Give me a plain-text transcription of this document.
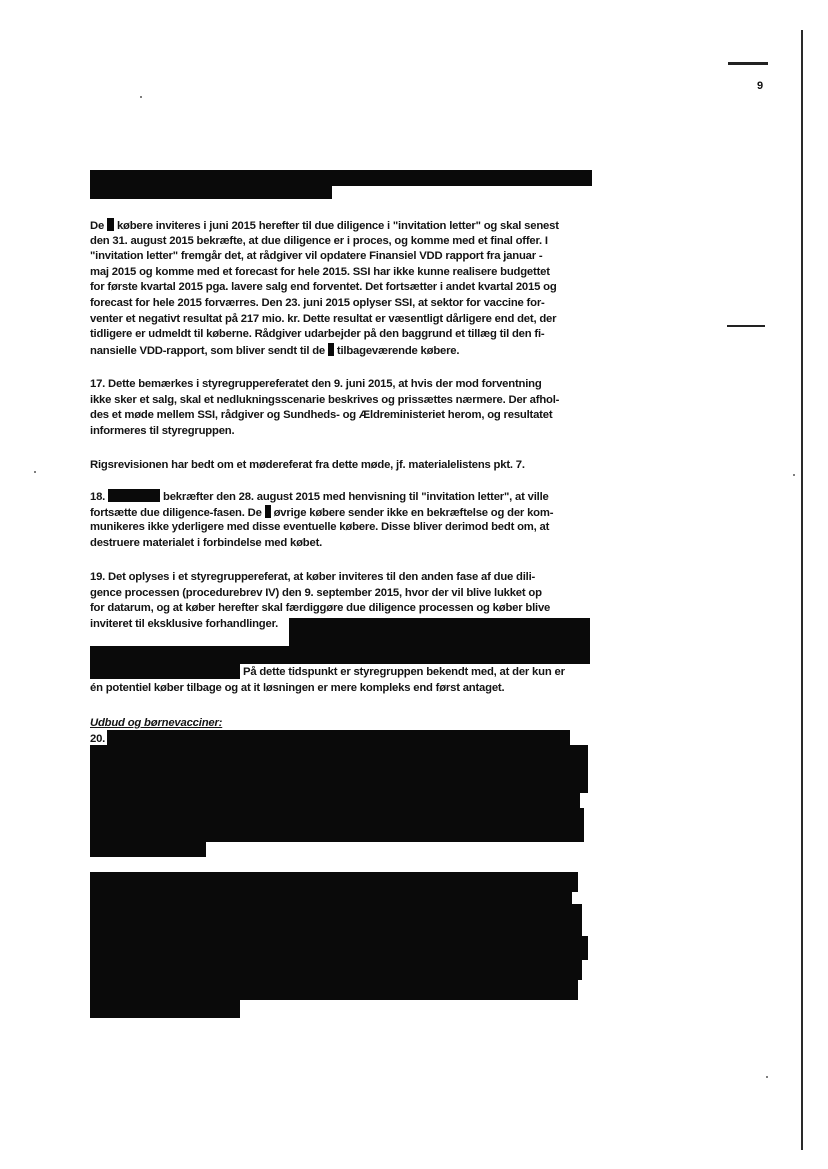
9
De købere inviteres i juni 2015 herefter til due diligence i "invitation letter" og skal senest
den 31. august 2015 bekræfte, at due diligence er i proces, og komme med et final offer. I
"invitation letter" fremgår det, at rådgiver vil opdatere Finansiel VDD rapport fra januar -
maj 2015 og komme med et forecast for hele 2015. SSI har ikke kunne realisere budgettet
for første kvartal 2015 pga. lavere salg end forventet. Det fortsætter i andet kvartal 2015 og
forecast for hele 2015 forværres. Den 23. juni 2015 oplyser SSI, at sektor for vaccine for-
venter et negativt resultat på 217 mio. kr. Dette resultat er væsentligt dårligere end det, der
tidligere er udmeldt til køberne. Rådgiver udarbejder på den baggrund et tillæg til den fi-
nansielle VDD-rapport, som bliver sendt til de tilbageværende købere.
17. Dette bemærkes i styregruppereferatet den 9. juni 2015, at hvis der mod forventning
ikke sker et salg, skal et nedlukningsscenarie beskrives og prissættes nærmere. Der afhol-
des et møde mellem SSI, rådgiver og Sundheds- og Ældreministeriet herom, og resultatet
informeres til styregruppen.
Rigsrevisionen har bedt om et mødereferat fra dette møde, jf. materialelistens pkt. 7.
18.	bekræfter den 28. august 2015 med henvisning til "invitation letter", at ville
fortsætte due diligence-fasen. De øvrige købere sender ikke en bekræftelse og der kom-
munikeres ikke yderligere med disse eventuelle købere. Disse bliver derimod bedt om, at
destruere materialet i forbindelse med købet.
19. Det oplyses i et styregruppereferat, at køber inviteres til den anden fase af due dili-
gence processen (procedurebrev IV) den 9. september 2015, hvor der vil blive lukket op
for datarum, og at køber herefter skal færdiggøre due diligence processen og køber blive
inviteret til eksklusive forhandlinger.
På dette tidspunkt er styregruppen bekendt med, at der kun er
én potentiel køber tilbage og at it løsningen er mere kompleks end først antaget.
Udbud og børnevacciner:
20.
